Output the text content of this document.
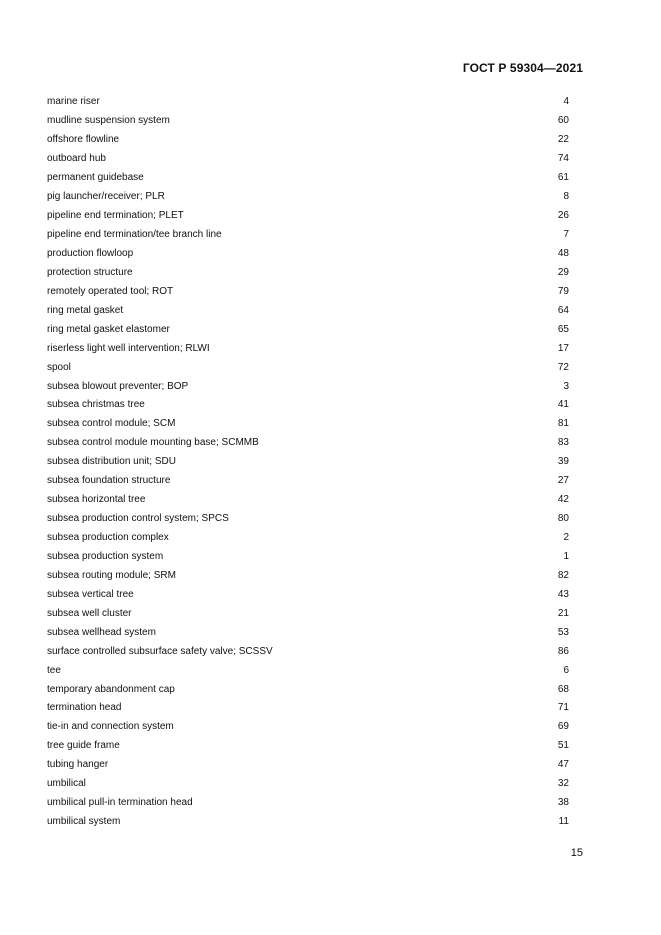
ГОСТ Р 59304—2021
marine riser	4
mudline suspension system	60
offshore flowline	22
outboard hub	74
permanent guidebase	61
pig launcher/receiver; PLR	8
pipeline end termination; PLET	26
pipeline end termination/tee branch line	7
production flowloop	48
protection structure	29
remotely operated tool; ROT	79
ring metal gasket	64
ring metal gasket elastomer	65
riserless light well intervention; RLWI	17
spool	72
subsea blowout preventer; BOP	3
subsea christmas tree	41
subsea control module; SCM	81
subsea control module mounting base; SCMMB	83
subsea distribution unit; SDU	39
subsea foundation structure	27
subsea horizontal tree	42
subsea production control system; SPCS	80
subsea production complex	2
subsea production system	1
subsea routing module; SRM	82
subsea vertical tree	43
subsea well cluster	21
subsea wellhead system	53
surface controlled subsurface safety valve; SCSSV	86
tee	6
temporary abandonment cap	68
termination head	71
tie-in and connection system	69
tree guide frame	51
tubing hanger	47
umbilical	32
umbilical pull-in termination head	38
umbilical system	11
15
